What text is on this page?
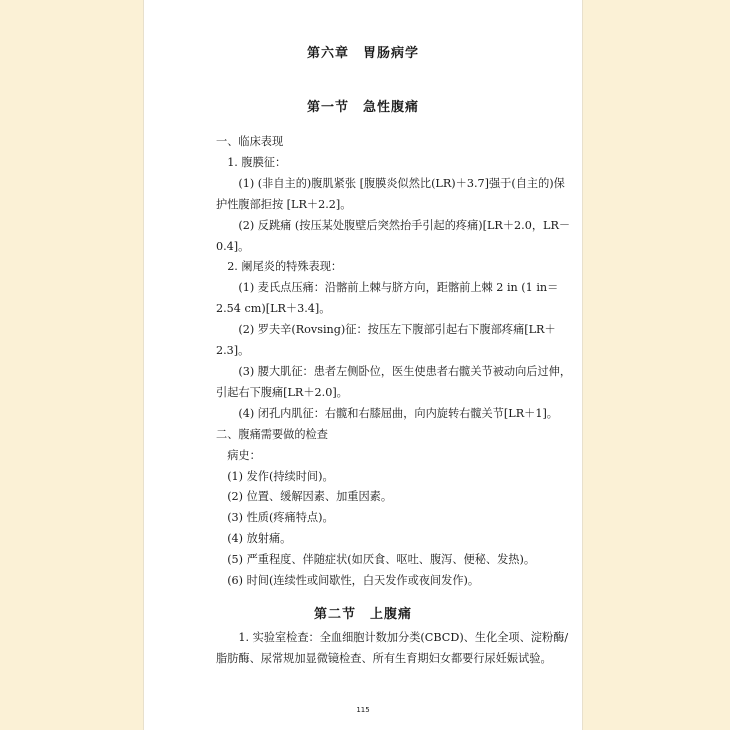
第六章　胃肠病学
第一节　急性腹痛

一、临床表现

1. 腹膜征：

(1) (非自主的)腹肌紧张 [腹膜炎似然比(LR)＋3.7]强于(自主的)保护性腹部拒按 [LR＋2.2]。

(2) 反跳痛 (按压某处腹壁后突然抬手引起的疼痛)[LR＋2.0，LR－0.4]。

2. 阑尾炎的特殊表现：

(1) 麦氏点压痛：沿髂前上棘与脐方向，距髂前上棘 2 in (1 in＝2.54 cm)[LR＋3.4]。

(2) 罗夫辛(Rovsing)征：按压左下腹部引起右下腹部疼痛[LR＋2.3]。

(3) 腰大肌征：患者左侧卧位，医生使患者右髋关节被动向后过伸，引起右下腹痛[LR＋2.0]。

(4) 闭孔内肌征：右髋和右膝屈曲，向内旋转右髋关节[LR＋1]。

二、腹痛需要做的检查

病史：

(1) 发作(持续时间)。

(2) 位置、缓解因素、加重因素。

(3) 性质(疼痛特点)。

(4) 放射痛。

(5) 严重程度、伴随症状(如厌食、呕吐、腹泻、便秘、发热)。

(6) 时间(连续性或间歇性，白天发作或夜间发作)。

第二节　上腹痛

1. 实验室检查：全血细胞计数加分类(CBCD)、生化全项、淀粉酶/脂肪酶、尿常规加显微镜检查、所有生育期妇女都要行尿妊娠试验。

115
